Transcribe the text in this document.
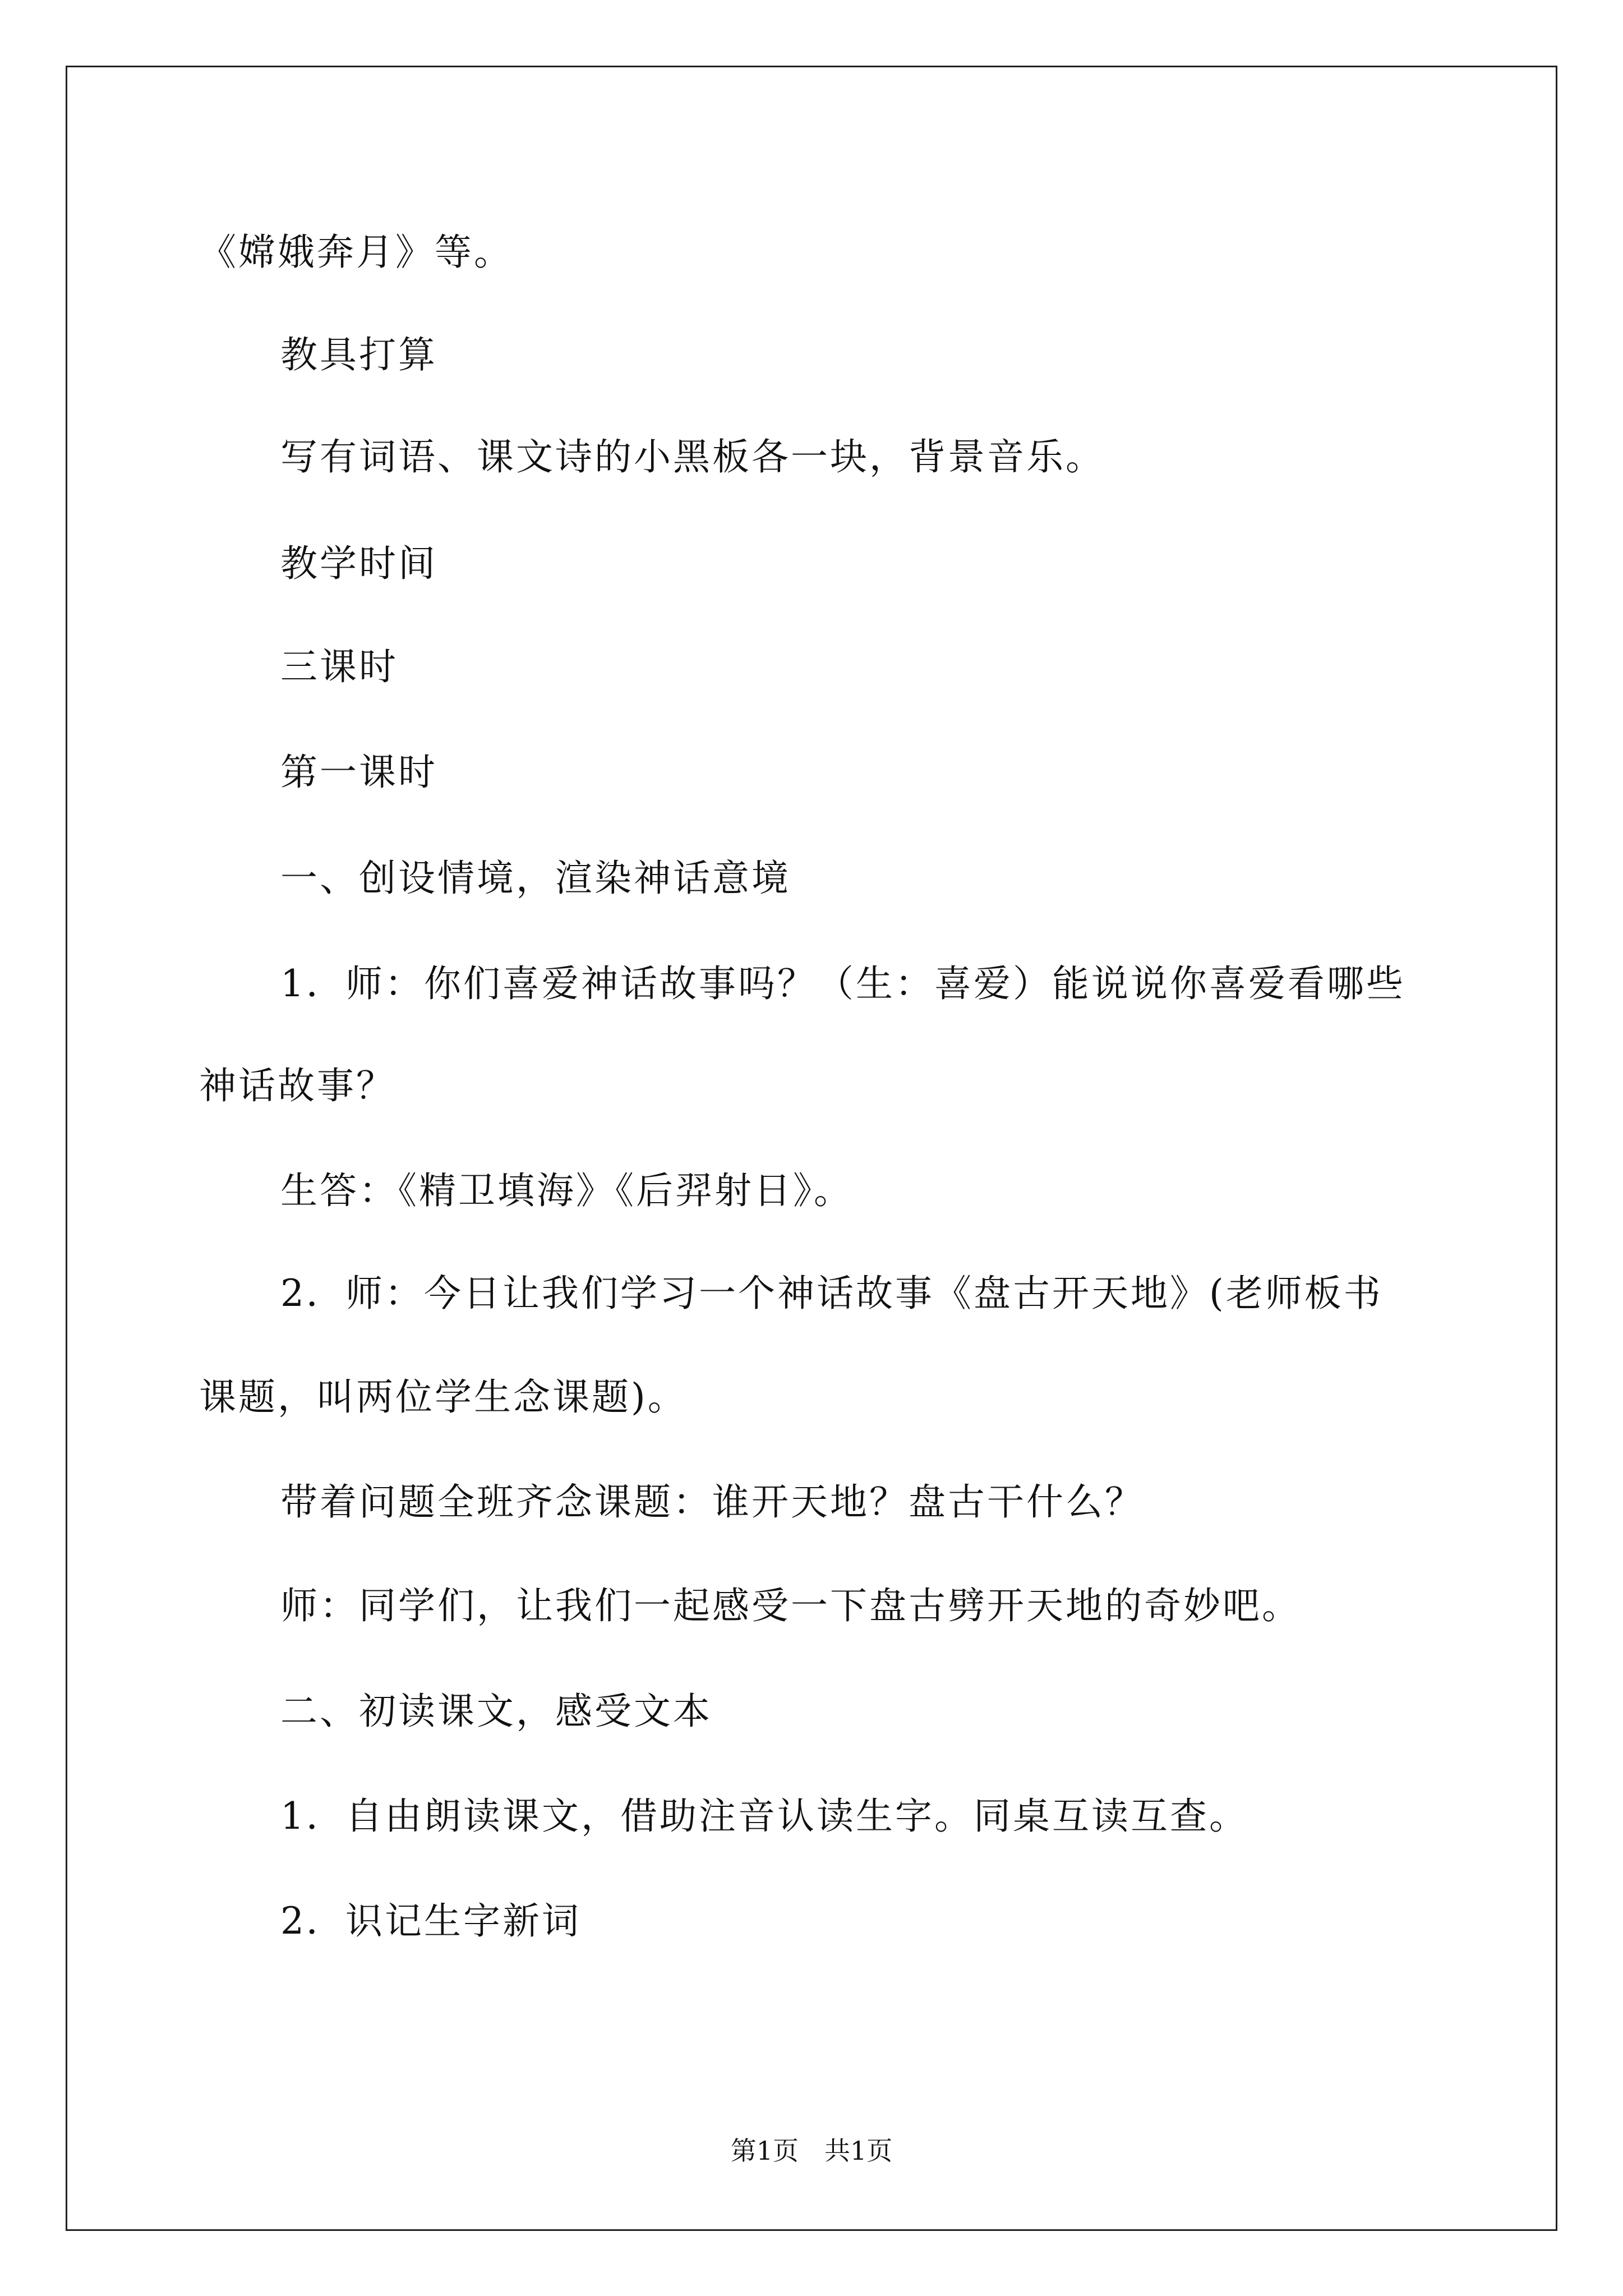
《嫦娥奔月》等。
教具打算
写有词语、课文诗的小黑板各一块，背景音乐。
教学时间
三课时
第一课时
一、创设情境，渲染神话意境
1．师：你们喜爱神话故事吗？（生：喜爱）能说说你喜爱看哪些
神话故事？
生答：《精卫填海》《后羿射日》。
2．师：今日让我们学习一个神话故事《盘古开天地》(老师板书
课题，叫两位学生念课题)。
带着问题全班齐念课题：谁开天地？盘古干什么？
师：同学们，让我们一起感受一下盘古劈开天地的奇妙吧。
二、初读课文，感受文本
1．自由朗读课文，借助注音认读生字。同桌互读互查。
2．识记生字新词
第1页　共1页
